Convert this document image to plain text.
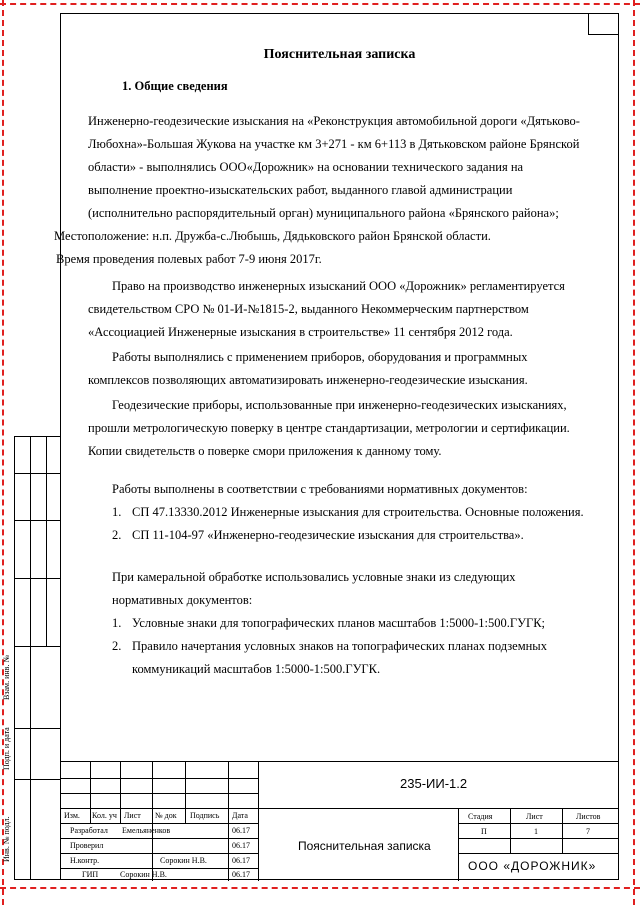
Взам. инв. №
Подп. и дата
Инв. № подл.
Пояснительная записка
1. Общие сведения
Инженерно-геодезические изыскания на «Реконструкция автомобильной дороги «Дятьково-
Любохна»-Большая Жукова на участке км 3+271 - км 6+113 в Дятьковском районе Брянской
области» - выполнялись ООО«Дорожник» на основании технического задания на
выполнение проектно-изыскательских работ, выданного главой администрации
(исполнительно распорядительный орган) муниципального района «Брянского района»;
Местоположение: н.п. Дружба-с.Любышь, Дядьковского район Брянской области.
Время проведения полевых работ 7-9 июня 2017г.
Право на производство инженерных изысканий ООО «Дорожник» регламентируется
свидетельством СРО № 01-И-№1815-2, выданного Некоммерческим партнерством
«Ассоциацией Инженерные изыскания в строительстве» 11 сентября 2012 года.
Работы выполнялись с применением приборов, оборудования и программных
комплексов позволяющих автоматизировать инженерно-геодезические изыскания.
Геодезические приборы, использованные при инженерно-геодезических изысканиях,
прошли метрологическую поверку в центре стандартизации, метрологии и сертификации.
Копии свидетельств о поверке смори приложения к данному тому.
Работы выполнены в соответствии с требованиями нормативных документов:
1. СП 47.13330.2012 Инженерные изыскания для строительства. Основные положения.
2. СП 11-104-97 «Инженерно-геодезические изыскания для строительства».
При камеральной обработке использовались условные знаки из следующих
нормативных документов:
1. Условные знаки для топографических планов масштабов 1:5000-1:500.ГУГК;
2. Правило начертания условных знаков на топографических планах подземных
коммуникаций масштабов 1:5000-1:500.ГУГК.
Изм. Кол. уч Лист № док Подпись Дата
Разработал Емельяненков	06.17
Проверил	06.17
Н.контр.	Сорокин Н.В.	06.17
ГИП	Сорокин Н.В.	06.17
235-ИИ-1.2
Пояснительная записка
Стадия	Лист	Листов
П	1	7
ООО «ДОРОЖНИК»
